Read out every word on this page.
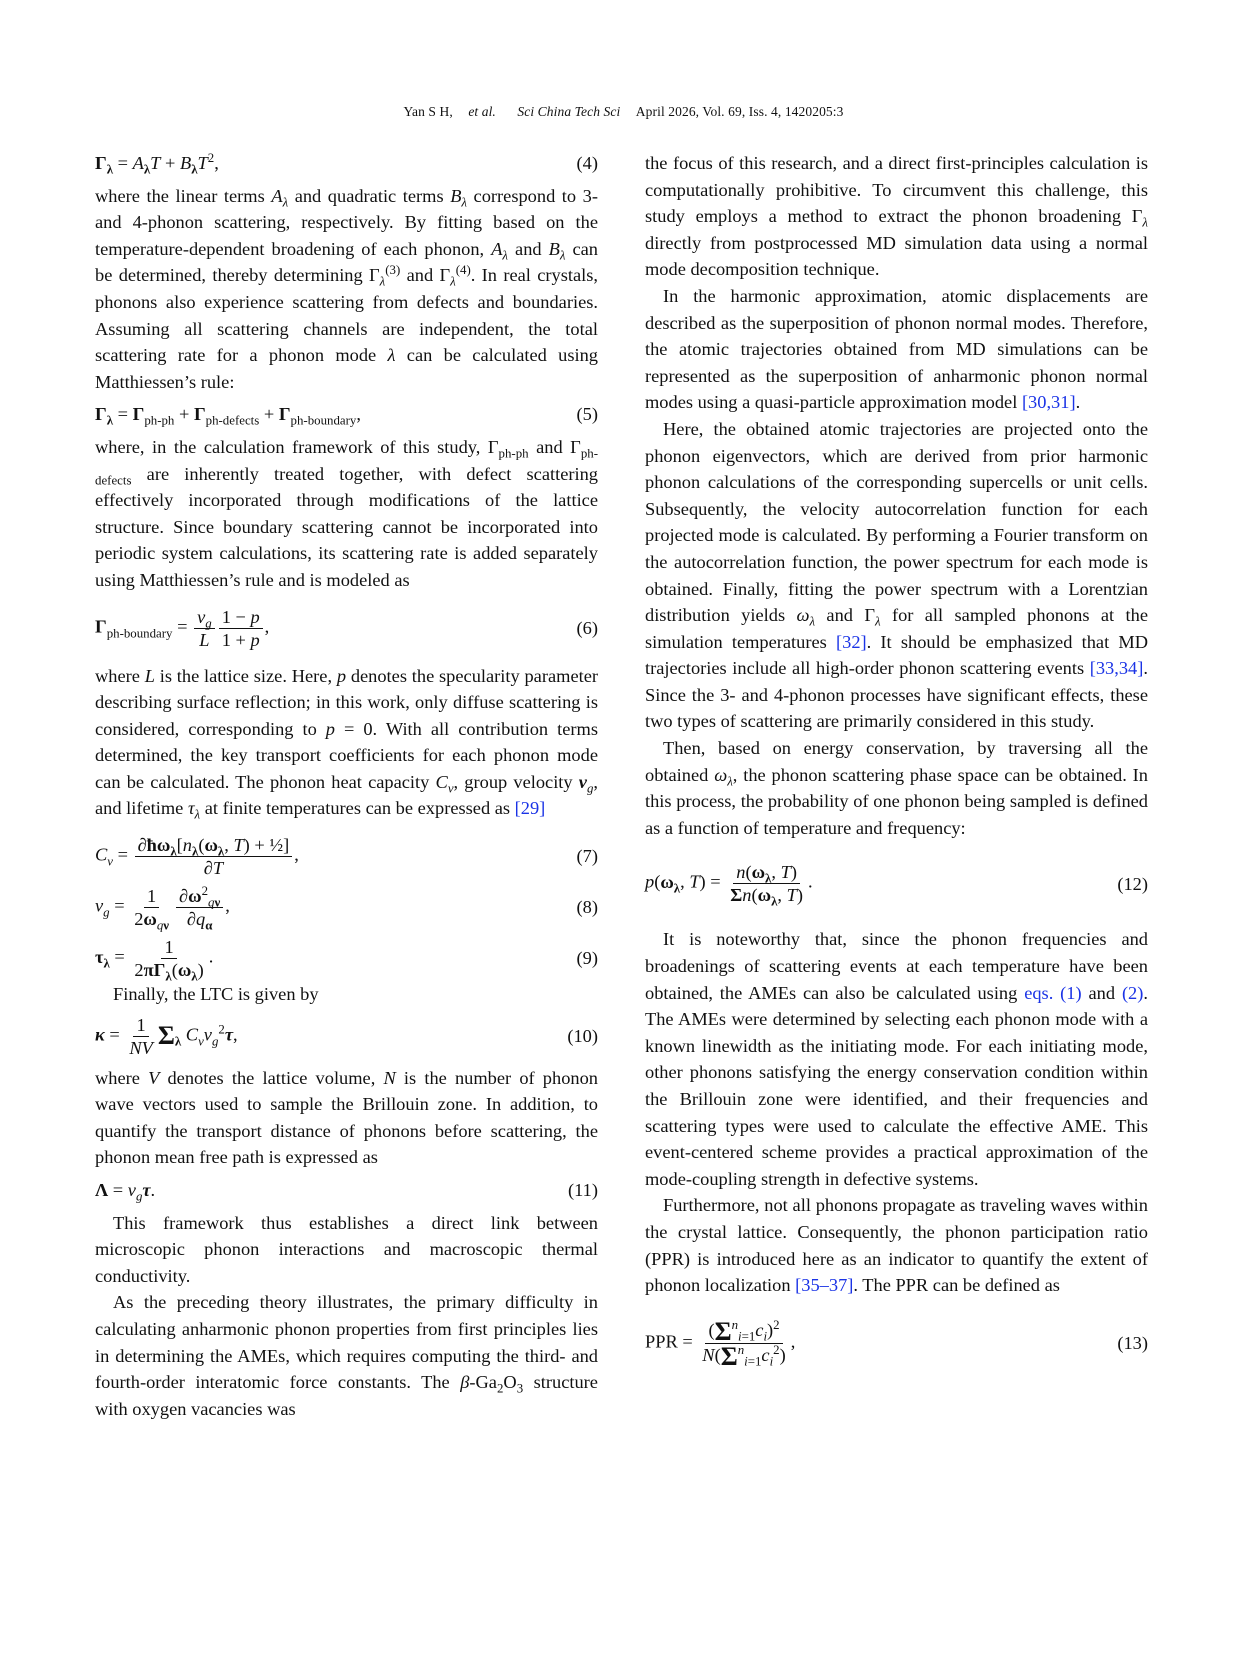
Yan S H, et al. Sci China Tech Sci April 2026, Vol. 69, Iss. 4, 1420205:3
$\Gamma_\lambda = A_\lambda T + B_\lambda T^2$,	(4)

where the linear terms $A_\lambda$ and quadratic terms $B_\lambda$ correspond to 3- and 4-phonon scattering, respectively. By fitting based on the temperature-dependent broadening of each phonon, $A_\lambda$ and $B_\lambda$ can be determined, thereby determining $\Gamma_\lambda^{(3)}$ and $\Gamma_\lambda^{(4)}$. In real crystals, phonons also experience scattering from defects and boundaries. Assuming all scattering channels are independent, the total scattering rate for a phonon mode λ can be calculated using Matthiessen’s rule:

$\Gamma_\lambda = \Gamma_{ph-ph} + \Gamma_{ph-defects} + \Gamma_{ph-boundary}$,	(5)

where, in the calculation framework of this study, $\Gamma_{ph-ph}$ and $\Gamma_{ph-defects}$ are inherently treated together, with defect scattering effectively incorporated through modifications of the lattice structure. Since boundary scattering cannot be incorporated into periodic system calculations, its scattering rate is added separately using Matthiessen’s rule and is modeled as

$\Gamma_{ph-boundary} = \frac{v_g}{L} \frac{1 - p}{1 + p}$ ,	(6)

where L is the lattice size. Here, p denotes the specularity parameter describing surface reflection; in this work, only diffuse scattering is considered, corresponding to p = 0. With all contribution terms determined, the key transport coefficients for each phonon mode can be calculated. The phonon heat capacity $C_v$, group velocity $v_g$, and lifetime $\tau_\lambda$ at finite temperatures can be expressed as [29]

$C_v = \frac{\partial ħ\omega_\lambda[n_\lambda(\omega_\lambda, T) + \frac{1}{2}]}{\partial T}$ ,	(7)
$v_g = \frac{1}{2\omega_{q\nu}} \frac{\partial\omega^2_{q\nu}}{\partial q_\alpha}$ ,	(8)
$\tau_\lambda = \frac{1}{2\pi\Gamma_\lambda(\omega_\lambda)}$ .	(9)

Finally, the LTC is given by

$\kappa = \frac{1}{NV} \Sigma_\lambda$ $C_vv_g^2\tau$,	(10)

where V denotes the lattice volume, N is the number of phonon wave vectors used to sample the Brillouin zone. In addition, to quantify the transport distance of phonons before scattering, the phonon mean free path is expressed as

$\Lambda = v_g\tau$.	(11)

This framework thus establishes a direct link between microscopic phonon interactions and macroscopic thermal conductivity.

As the preceding theory illustrates, the primary difficulty in calculating anharmonic phonon properties from first principles lies in determining the AMEs, which requires computing the third- and fourth-order interatomic force constants. The $\beta-Ga_2O_3$ structure with oxygen vacancies was

the focus of this research, and a direct first-principles calculation is computationally prohibitive. To circumvent this challenge, this study employs a method to extract the phonon broadening $\Gamma_\lambda$ directly from postprocessed MD simulation data using a normal mode decomposition technique.

In the harmonic approximation, atomic displacements are described as the superposition of phonon normal modes. Therefore, the atomic trajectories obtained from MD simulations can be represented as the superposition of anharmonic phonon normal modes using a quasi-particle approximation model [30,31].

Here, the obtained atomic trajectories are projected onto the phonon eigenvectors, which are derived from prior harmonic phonon calculations of the corresponding supercells or unit cells. Subsequently, the velocity autocorrelation function for each projected mode is calculated. By performing a Fourier transform on the autocorrelation function, the power spectrum for each mode is obtained. Finally, fitting the power spectrum with a Lorentzian distribution yields $\omega_\lambda$ and $\Gamma_\lambda$ for all sampled phonons at the simulation temperatures [32]. It should be emphasized that MD trajectories include all high-order phonon scattering events [33,34]. Since the 3- and 4-phonon processes have significant effects, these two types of scattering are primarily considered in this study.

Then, based on energy conservation, by traversing all the obtained $\omega_\lambda$, the phonon scattering phase space can be obtained. In this process, the probability of one phonon being sampled is defined as a function of temperature and frequency:

$p(\omega_\lambda$, $T) = \frac{n(\omega_\lambda, T)}{\Sigma n(\omega_\lambda, T)}$ .	(12)

It is noteworthy that, since the phonon frequencies and broadenings of scattering events at each temperature have been obtained, the AMEs can also be calculated using eqs. (1) and (2). The AMEs were determined by selecting each phonon mode with a known linewidth as the initiating mode. For each initiating mode, other phonons satisfying the energy conservation condition within the Brillouin zone were identified, and their frequencies and scattering types were used to calculate the effective AME. This event-centered scheme provides a practical approximation of the mode-coupling strength in defective systems.

Furthermore, not all phonons propagate as traveling waves within the crystal lattice. Consequently, the phonon participation ratio (PPR) is introduced here as an indicator to quantify the extent of phonon localization [35–37]. The PPR can be defined as

PPR = $\frac{(\Sigma^n_{i=1}c_i)^2}{N(\Sigma^n_{i=1}c_i^2)}$ ,	(13)
